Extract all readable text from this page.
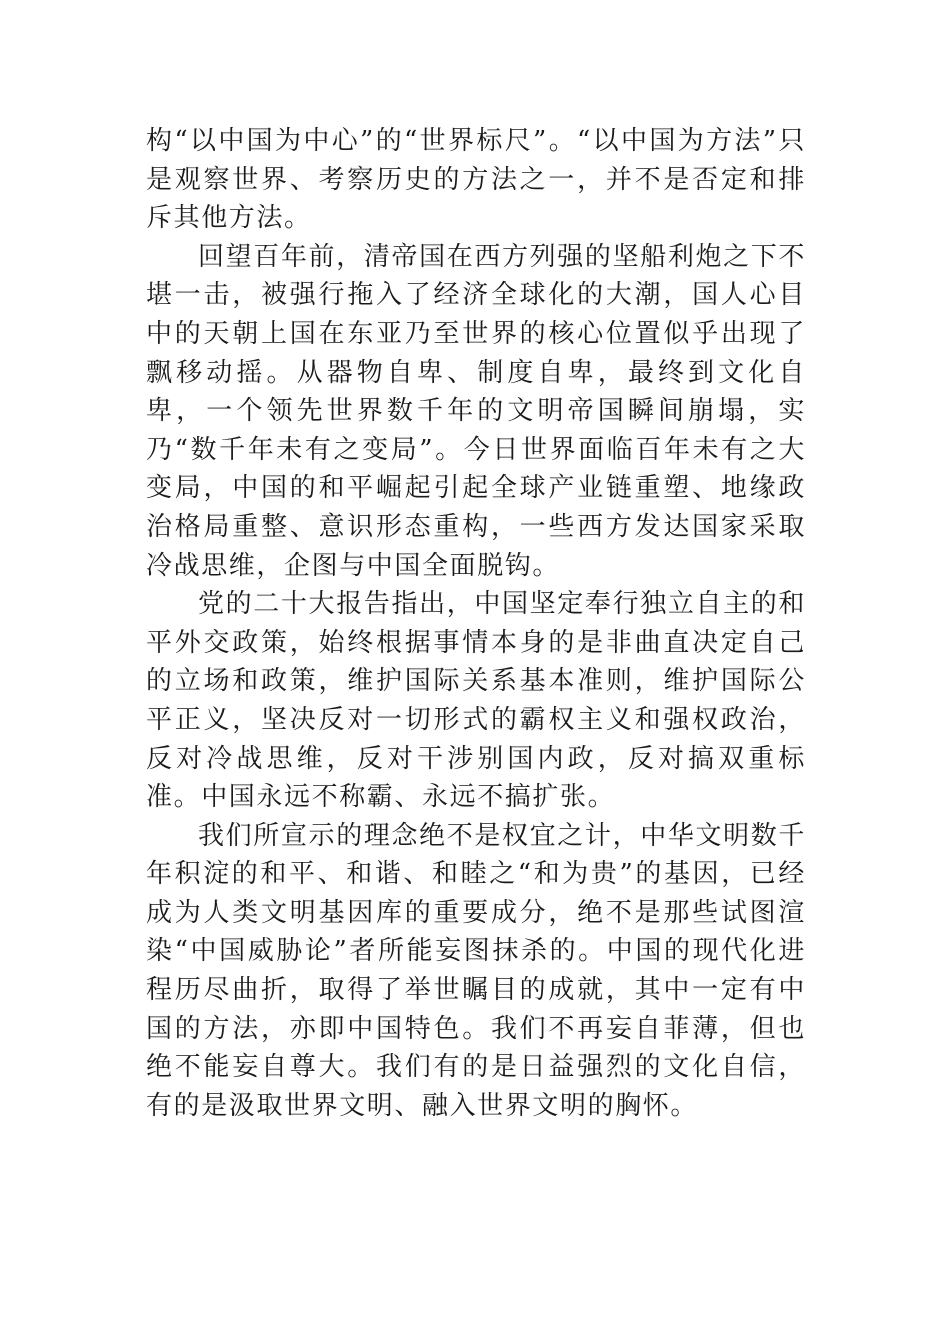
构“以中国为中心”的“世界标尺”。“以中国为方法”只是观察世界、考察历史的方法之一，并不是否定和排斥其他方法。

回望百年前，清帝国在西方列强的坚船利炮之下不堪一击，被强行拖入了经济全球化的大潮，国人心目中的天朝上国在东亚乃至世界的核心位置似乎出现了飘移动摇。从器物自卑、制度自卑，最终到文化自卑，一个领先世界数千年的文明帝国瞬间崩塌，实乃“数千年未有之变局”。今日世界面临百年未有之大变局，中国的和平崛起引起全球产业链重塑、地缘政治格局重整、意识形态重构，一些西方发达国家采取冷战思维，企图与中国全面脱钩。

党的二十大报告指出，中国坚定奉行独立自主的和平外交政策，始终根据事情本身的是非曲直决定自己的立场和政策，维护国际关系基本准则，维护国际公平正义，坚决反对一切形式的霸权主义和强权政治，反对冷战思维，反对干涉别国内政，反对搞双重标准。中国永远不称霸、永远不搞扩张。

我们所宣示的理念绝不是权宜之计，中华文明数千年积淀的和平、和谐、和睦之“和为贵”的基因，已经成为人类文明基因库的重要成分，绝不是那些试图渲染“中国威胁论”者所能妄图抹杀的。中国的现代化进程历尽曲折，取得了举世瞩目的成就，其中一定有中国的方法，亦即中国特色。我们不再妄自菲薄，但也绝不能妄自尊大。我们有的是日益强烈的文化自信，有的是汲取世界文明、融入世界文明的胸怀。
